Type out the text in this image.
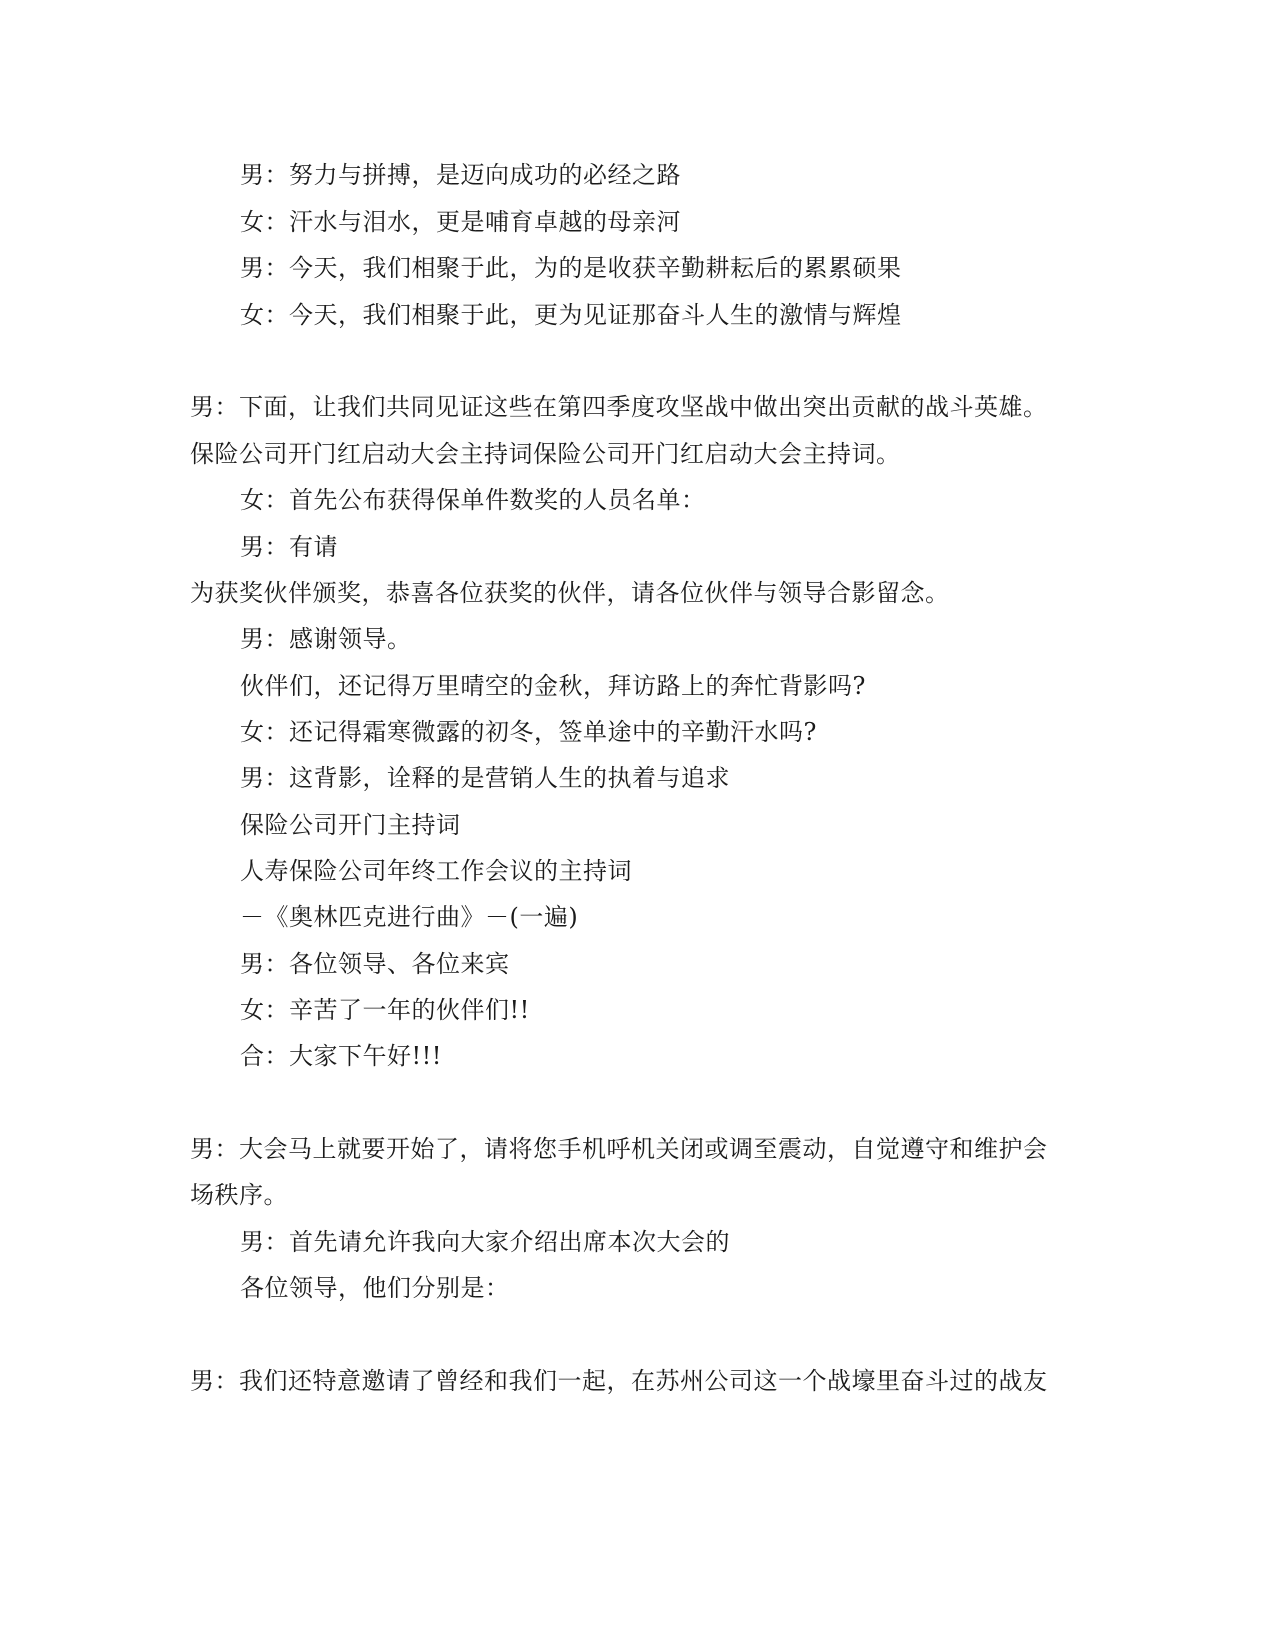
男：努力与拼搏，是迈向成功的必经之路
女：汗水与泪水，更是哺育卓越的母亲河
男：今天，我们相聚于此，为的是收获辛勤耕耘后的累累硕果
女：今天，我们相聚于此，更为见证那奋斗人生的激情与辉煌
男：下面，让我们共同见证这些在第四季度攻坚战中做出突出贡献的战斗英雄。
保险公司开门红启动大会主持词保险公司开门红启动大会主持词。
女：首先公布获得保单件数奖的人员名单：
男：有请
为获奖伙伴颁奖，恭喜各位获奖的伙伴，请各位伙伴与领导合影留念。
男：感谢领导。
伙伴们，还记得万里晴空的金秋，拜访路上的奔忙背影吗?
女：还记得霜寒微露的初冬，签单途中的辛勤汗水吗?
男：这背影，诠释的是营销人生的执着与追求
保险公司开门主持词
人寿保险公司年终工作会议的主持词
－《奥林匹克进行曲》－(一遍)
男：各位领导、各位来宾
女：辛苦了一年的伙伴们!!
合：大家下午好!!!
男：大会马上就要开始了，请将您手机呼机关闭或调至震动，自觉遵守和维护会
场秩序。
男：首先请允许我向大家介绍出席本次大会的
各位领导，他们分别是：
男：我们还特意邀请了曾经和我们一起，在苏州公司这一个战壕里奋斗过的战友
